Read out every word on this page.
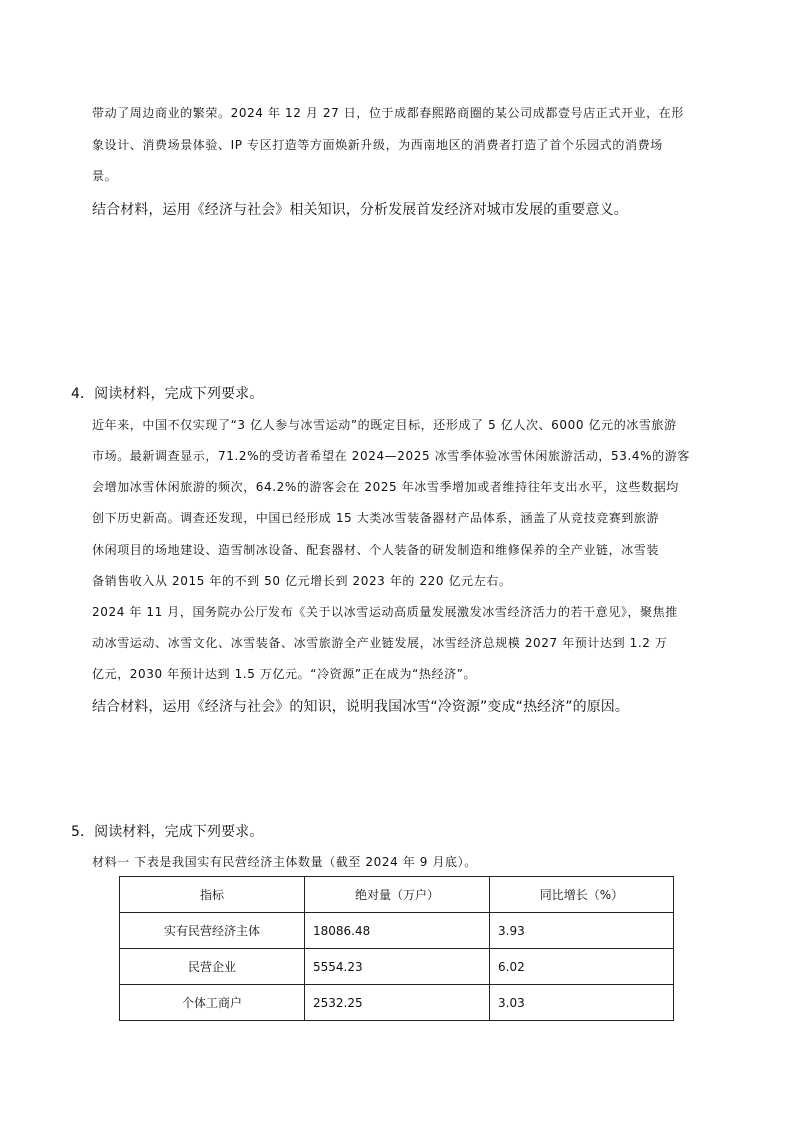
带动了周边商业的繁荣。2024 年 12 月 27 日，位于成都春熙路商圈的某公司成都壹号店正式开业，在形

象设计、消费场景体验、IP 专区打造等方面焕新升级，为西南地区的消费者打造了首个乐园式的消费场

景。

结合材料，运用《经济与社会》相关知识，分析发展首发经济对城市发展的重要意义。

4．阅读材料，完成下列要求。

近年来，中国不仅实现了“3 亿人参与冰雪运动”的既定目标，还形成了 5 亿人次、6000 亿元的冰雪旅游

市场。最新调查显示，71.2%的受访者希望在 2024—2025 冰雪季体验冰雪休闲旅游活动，53.4%的游客

会增加冰雪休闲旅游的频次，64.2%的游客会在 2025 年冰雪季增加或者维持往年支出水平，这些数据均

创下历史新高。调查还发现，中国已经形成 15 大类冰雪装备器材产品体系，涵盖了从竞技竞赛到旅游

休闲项目的场地建设、造雪制冰设备、配套器材、个人装备的研发制造和维修保养的全产业链，冰雪装

备销售收入从 2015 年的不到 50 亿元增长到 2023 年的 220 亿元左右。

2024 年 11 月，国务院办公厅发布《关于以冰雪运动高质量发展激发冰雪经济活力的若干意见》，聚焦推

动冰雪运动、冰雪文化、冰雪装备、冰雪旅游全产业链发展，冰雪经济总规模 2027 年预计达到 1.2 万

亿元，2030 年预计达到 1.5 万亿元。“冷资源”正在成为“热经济”。

结合材料，运用《经济与社会》的知识，说明我国冰雪“冷资源”变成“热经济”的原因。

5．阅读材料，完成下列要求。

材料一 下表是我国实有民营经济主体数量（截至 2024 年 9 月底）。

指标	绝对量（万户）	同比增长（%）
实有民营经济主体	18086.48	3.93
民营企业	5554.23	6.02
个体工商户	2532.25	3.03
